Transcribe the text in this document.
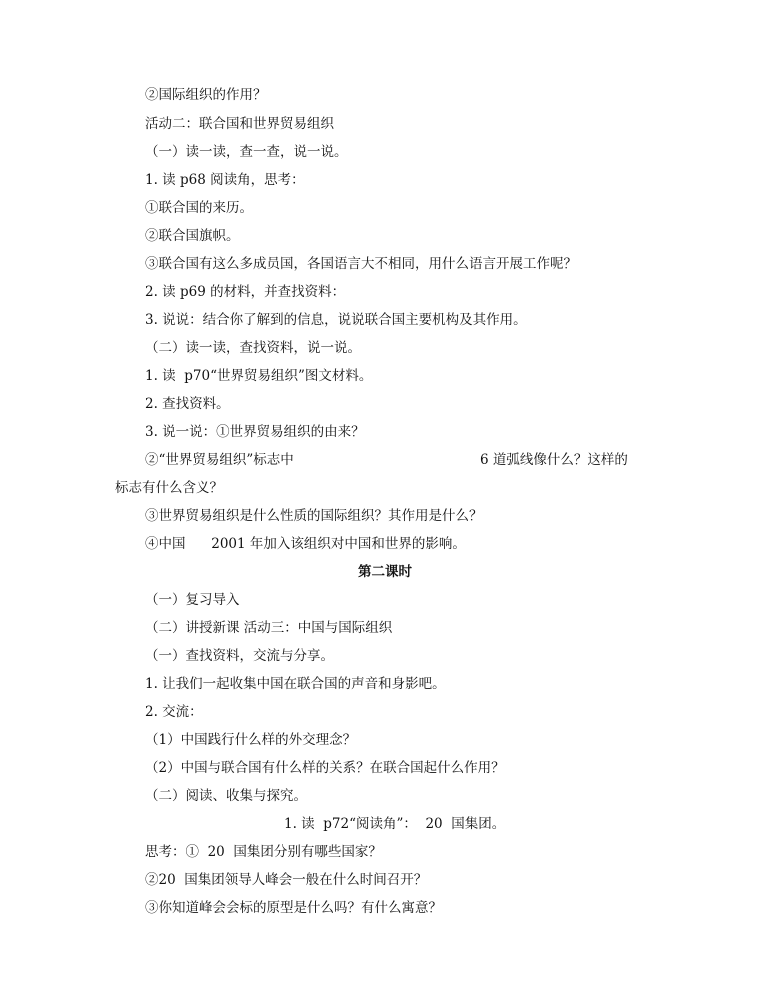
②国际组织的作用？
活动二：联合国和世界贸易组织
（一）读一读，查一查，说一说。
1. 读 p68 阅读角，思考：
①联合国的来历。
②联合国旗帜。
③联合国有这么多成员国，各国语言大不相同，用什么语言开展工作呢？
2. 读 p69 的材料，并查找资料：
3. 说说：结合你了解到的信息，说说联合国主要机构及其作用。
（二）读一读，查找资料，说一说。
1. 读  p70“世界贸易组织”图文材料。
2. 查找资料。
3. 说一说：①世界贸易组织的由来？
②“世界贸易组织”标志中	6 道弧线像什么？这样的
标志有什么含义？
③世界贸易组织是什么性质的国际组织？其作用是什么？
④中国      2001 年加入该组织对中国和世界的影响。
第二课时
（一）复习导入
（二）讲授新课 活动三：中国与国际组织
（一）查找资料，交流与分享。
1. 让我们一起收集中国在联合国的声音和身影吧。
2. 交流：
（1）中国践行什么样的外交理念？
（2）中国与联合国有什么样的关系？在联合国起什么作用？
（二）阅读、收集与探究。
1. 读  p72“阅读角”：  20  国集团。
思考：①  20  国集团分别有哪些国家？
②20  国集团领导人峰会一般在什么时间召开？
③你知道峰会会标的原型是什么吗？有什么寓意？
